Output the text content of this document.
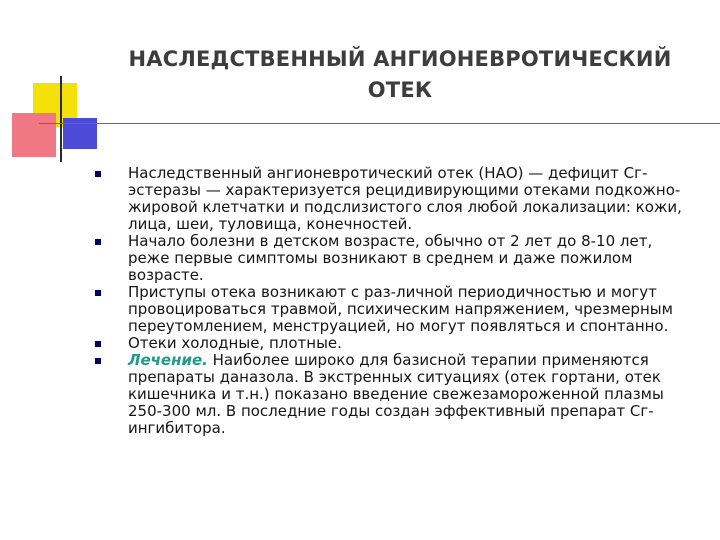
НАСЛЕДСТВЕННЫЙ АНГИОНЕВРОТИЧЕСКИЙ ОТЕК
Наследственный ангионевротический отек (НАО) — дефицит Сг-эстеразы — характеризуется рецидивирующими отеками подкожно-жировой клетчатки и подслизистого слоя любой локализации: кожи, лица, шеи, туловища, конечностей.
Начало болезни в детском возрасте, обычно от 2 лет до 8-10 лет, реже первые симптомы возникают в среднем и даже пожилом возрасте.
Приступы отека возникают с раз-личной периодичностью и могут провоцироваться травмой, психическим напряжением, чрезмерным переутомлением, менструацией, но могут появляться и спонтанно.
Отеки холодные, плотные.
Лечение. Наиболее широко для базисной терапии применяются препараты даназола. В экстренных ситуациях (отек гортани, отек кишечника и т.н.) показано введение свежезамороженной плазмы 250-300 мл. В последние годы создан эффективный препарат Сг-ингибитора.
